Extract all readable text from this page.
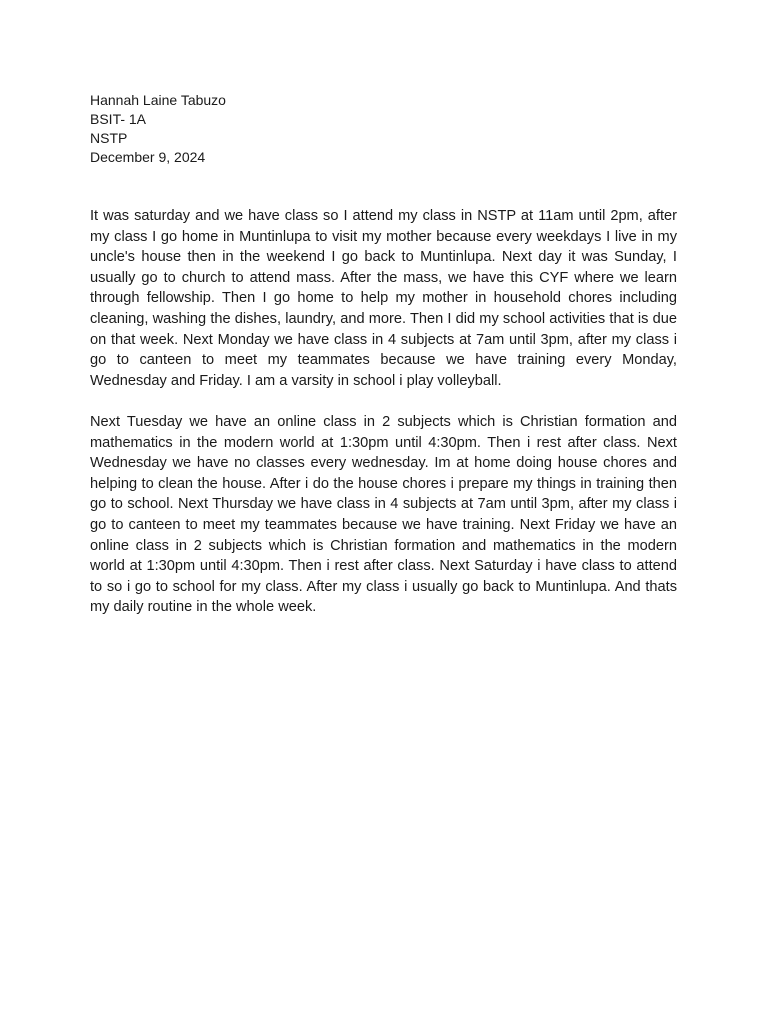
Hannah Laine Tabuzo
BSIT- 1A
NSTP
December 9, 2024

It was saturday and we have class so I attend my class in NSTP at 11am until 2pm, after my class I go home in Muntinlupa to visit my mother because every weekdays I live in my uncle's house then in the weekend I go back to Muntinlupa. Next day it was Sunday, I usually go to church to attend mass. After the mass, we have this CYF where we learn through fellowship. Then I go home to help my mother in household chores including cleaning, washing the dishes, laundry, and more. Then I did my school activities that is due on that week. Next Monday we have class in 4 subjects at 7am until 3pm, after my class i go to canteen to meet my teammates because we have training every Monday, Wednesday and Friday. I am a varsity in school i play volleyball.

Next Tuesday we have an online class in 2 subjects which is Christian formation and mathematics in the modern world at 1:30pm until 4:30pm. Then i rest after class. Next Wednesday we have no classes every wednesday. Im at home doing house chores and helping to clean the house. After i do the house chores i prepare my things in training then go to school. Next Thursday we have class in 4 subjects at 7am until 3pm, after my class i go to canteen to meet my teammates because we have training. Next Friday we have an online class in 2 subjects which is Christian formation and mathematics in the modern world at 1:30pm until 4:30pm. Then i rest after class. Next Saturday i have class to attend to so i go to school for my class. After my class i usually go back to Muntinlupa. And thats my daily routine in the whole week.
